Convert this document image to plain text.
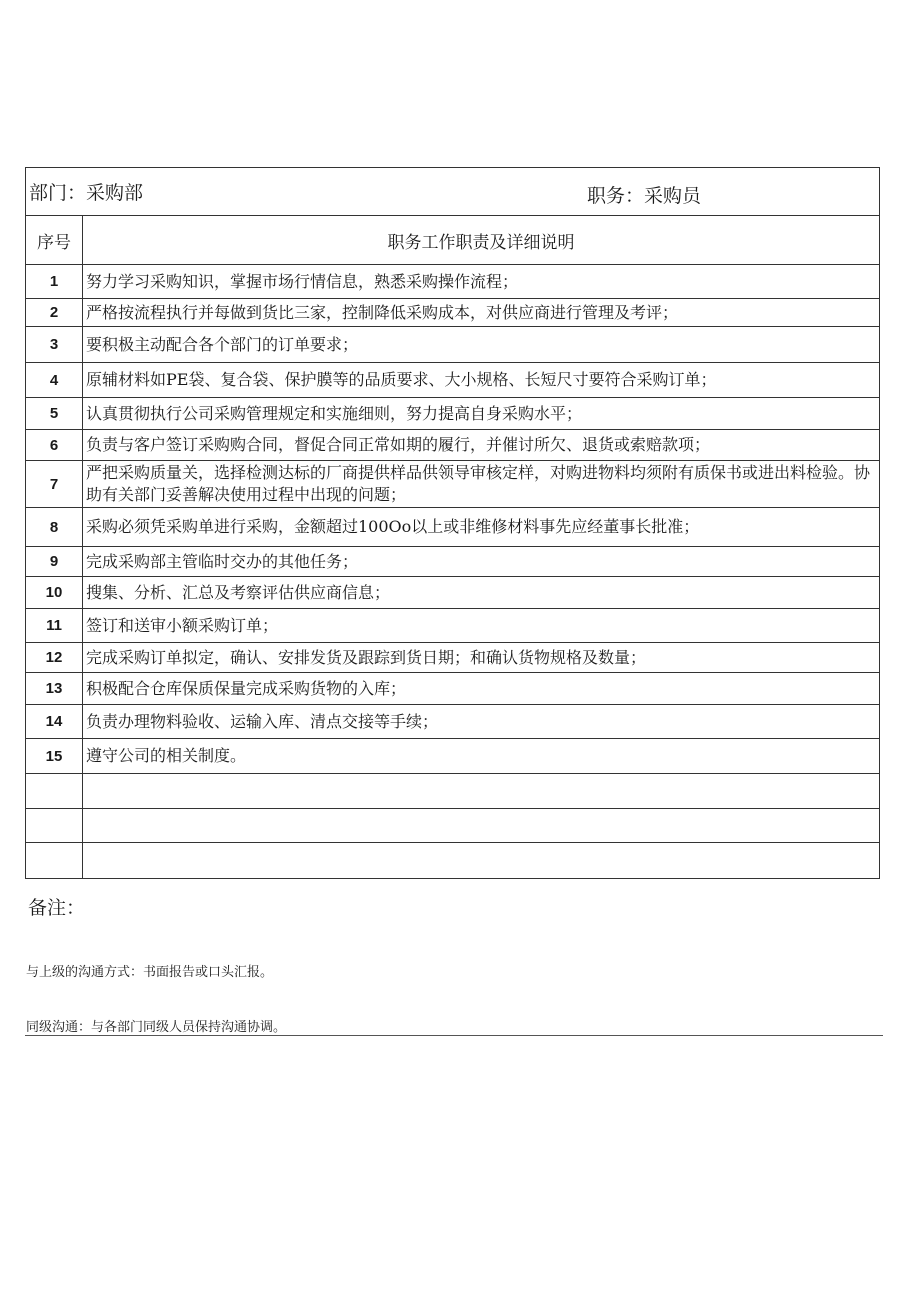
部门：采购部	
序号	职务工作职责及详细说明
1	努力学习采购知识，掌握市场行情信息，熟悉采购操作流程；
2	严格按流程执行并每做到货比三家，控制降低采购成本，对供应商进行管理及考评；
3	要积极主动配合各个部门的订单要求；
4	原辅材料如PE袋、复合袋、保护膜等的品质要求、大小规格、长短尺寸要符合采购订单；
5	认真贯彻执行公司采购管理规定和实施细则，努力提高自身采购水平；
6	负责与客户签订采购购合同，督促合同正常如期的履行，并催讨所欠、退货或索赔款项；
7	严把采购质量关，选择检测达标的厂商提供样品供领导审核定样，对购进物料均须附有质保书或进出料检验。协助有关部门妥善解决使用过程中出现的问题；
8	采购必须凭采购单进行采购，金额超过100Oo以上或非维修材料事先应经董事长批准；
9	完成采购部主管临时交办的其他任务；
10	搜集、分析、汇总及考察评估供应商信息；
11	签订和送审小额采购订单；
12	完成采购订单拟定，确认、安排发货及跟踪到货日期；和确认货物规格及数量；
13	积极配合仓库保质保量完成采购货物的入库；
14	负责办理物料验收、运输入库、清点交接等手续；
15	遵守公司的相关制度。

职务：采购员
备注：
与上级的沟通方式：书面报告或口头汇报。
同级沟通：与各部门同级人员保持沟通协调。
